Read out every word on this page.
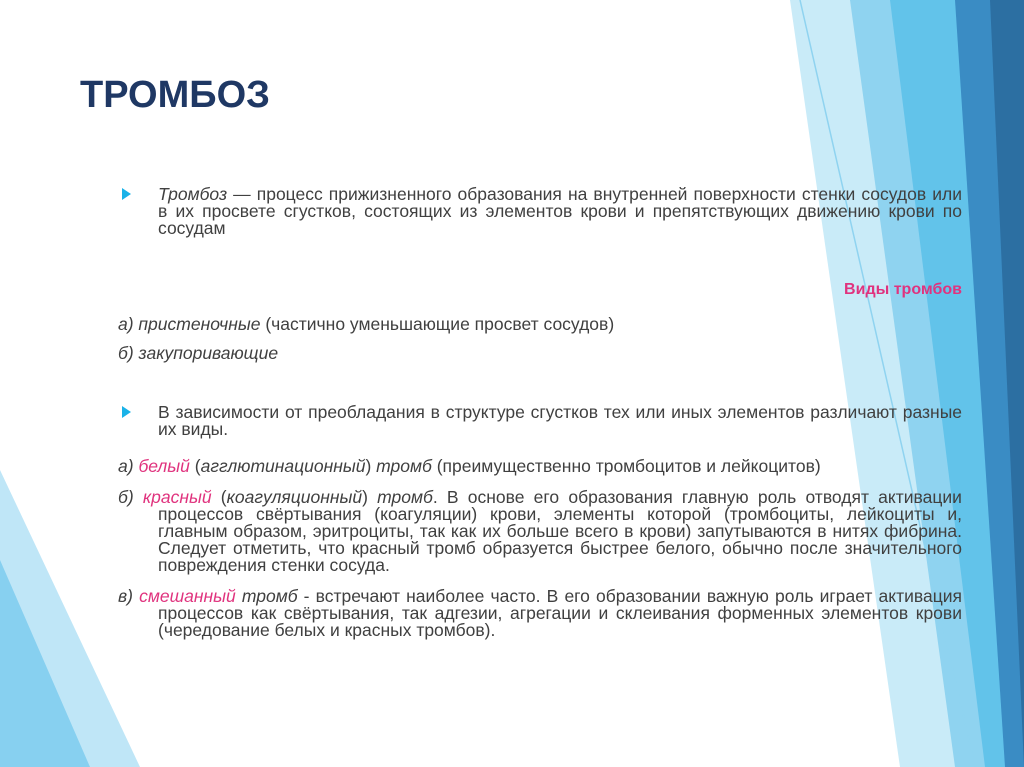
ТРОМБОЗ
Тромбоз — процесс прижизненного образования на внутренней поверхности стенки сосудов или в их просвете сгустков, состоящих из элементов крови и препятствующих движению крови по сосудам
Виды тромбов
а) пристеночные (частично уменьшающие просвет сосудов)
б) закупоривающие
В зависимости от преобладания в структуре сгустков тех или иных элементов различают разные их виды.
а) белый (агглютинационный) тромб (преимущественно тромбоцитов и лейкоцитов)
б) красный (коагуляционный) тромб. В основе его образования главную роль отводят активации процессов свёртывания (коагуляции) крови, элементы которой (тромбоциты, лейкоциты и, главным образом, эритроциты, так как их больше всего в крови) запутываются в нитях фибрина. Следует отметить, что красный тромб образуется быстрее белого, обычно после значительного повреждения стенки сосуда.
в) смешанный тромб - встречают наиболее часто. В его образовании важную роль играет активация процессов как свёртывания, так адгезии, агрегации и склеивания форменных элементов крови (чередование белых и красных тромбов).
